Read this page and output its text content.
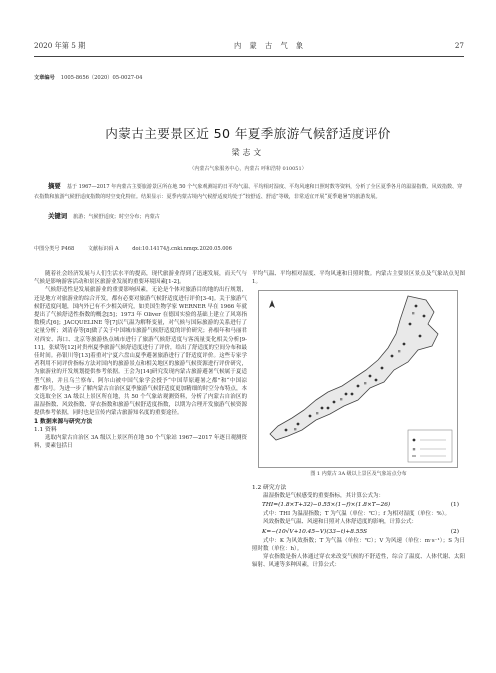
2020 年第 5 期	内 蒙 古 气 象	27
文章编号 1005-8656（2020）05-0027-04
内蒙古主要景区近 50 年夏季旅游气候舒适度评价
梁志文
（内蒙古气象服务中心，内蒙古 呼和浩特 010051）
摘要 基于 1967—2017 年内蒙古主要旅游景区所在地 50 个气象观测站的日平均气温、平均相对湿度、平均风速和日照时数等资料，分析了全区夏季各月的温湿指数、风效指数、穿衣指数和旅游气候舒适度指数的时空变化特征。结果显示：夏季内蒙古境内气候舒适度均处于“较舒适、舒适”等级，非常适宜开展“夏季避暑”的旅游发展。
关键词 旅游；气候舒适度；时空分布；内蒙古
中图分类号 P468	文献标识码 A	doi:10.14174/j.cnki.nmqx.2020.05.006

随着社会经济发展与人们生活水平的提高，现代旅游业得到了迅速发展，而天气与气候是影响游客活动和景区旅游业发展的重要环境因素[1-2]。

气候舒适性是发展旅游业的重要影响因素，无论是个体对旅游目的地的出行规划，还是地方对旅游业的综合开发，都有必要对旅游气候舒适度进行评价[3-4]。关于旅游气候舒适度问题，国内外已有不少相关研究，如美国生物学家 WERNER 早在 1966 年就提出了气候舒适性指数的概念[5]；1973 年 Oliver 在德国实验的基础上建立了风寒指数模式[6]；JACQUELINE 等[7]以气温为解释变量，对气候与国际旅游的关系进行了定量分析；刘清春等[8]做了关于中国城市旅游气候舒适度的评价研究；孙根年和马丽君对西安、海口、北京等旅游热点城市进行了旅游气候舒适度与客流量变化相关分析[9-11]，张斌等[12]对贵州夏季旅游气候舒适度进行了评价，给出了舒适度的空间分布和最佳时间。孙银川等[13]着重对宁夏六盘山夏季避暑旅游进行了舒适度评价。这些专家学者利用不同评价指标方法对国内的旅游景点和相关地区的旅游气候资源进行评价研究，为旅游业的开发规划提供参考依据。王会为[14]研究发现内蒙古旅游避暑气候属于夏适型气候，并且乌兰察布、阿尔山被中国气象学会授予“中国草原避暑之都”和“中国凉都”称号。为进一步了解内蒙古自治区夏季旅游气候舒适度更加精细的时空分布特点，本文选取全区 3A 级以上景区所在地，共 50 个气象站观测资料，分析了内蒙古自治区的温湿指数、风效指数、穿衣指数和旅游气候舒适度指数，以期为合理开发旅游气候资源提供参考依据，同时也是宣传内蒙古旅游知名度的重要途径。

1 数据来源与研究方法
1.1 资料

选取内蒙古自治区 3A 级以上景区所在地 50 个气象站 1967—2017 年逐日观测资料，要素包括日

平均气温、平均相对湿度、平均风速和日照时数。内蒙古主要景区景点及气象站点见图 1。

图 1 内蒙古 3A 级以上景区及气象站点分布
1.2 研究方法

温湿指数是气候感受的重要指标，其计算公式为：

THI=(1.8×T+32)−0.55×(1−f)×(1.8×T−26)	(1)

式中：THI 为温湿指数；T 为气温（单位：℃）；f 为相对湿度（单位：%）。

风效指数是气温、风速和日照对人体舒适度的影响，计算公式：

K=−(10√V+10.45−V)(33−t)+8.55S	(2)

式中：K 为风效指数；T 为气温（单位：℃）；V 为风速（单位：m·s⁻¹）；S 为日照时数（单位：h）。

穿衣指数是指人体通过穿衣来改变气候的不舒适性，综合了温度、人体代谢、太阳辐射、风速等多种因素，计算公式：
